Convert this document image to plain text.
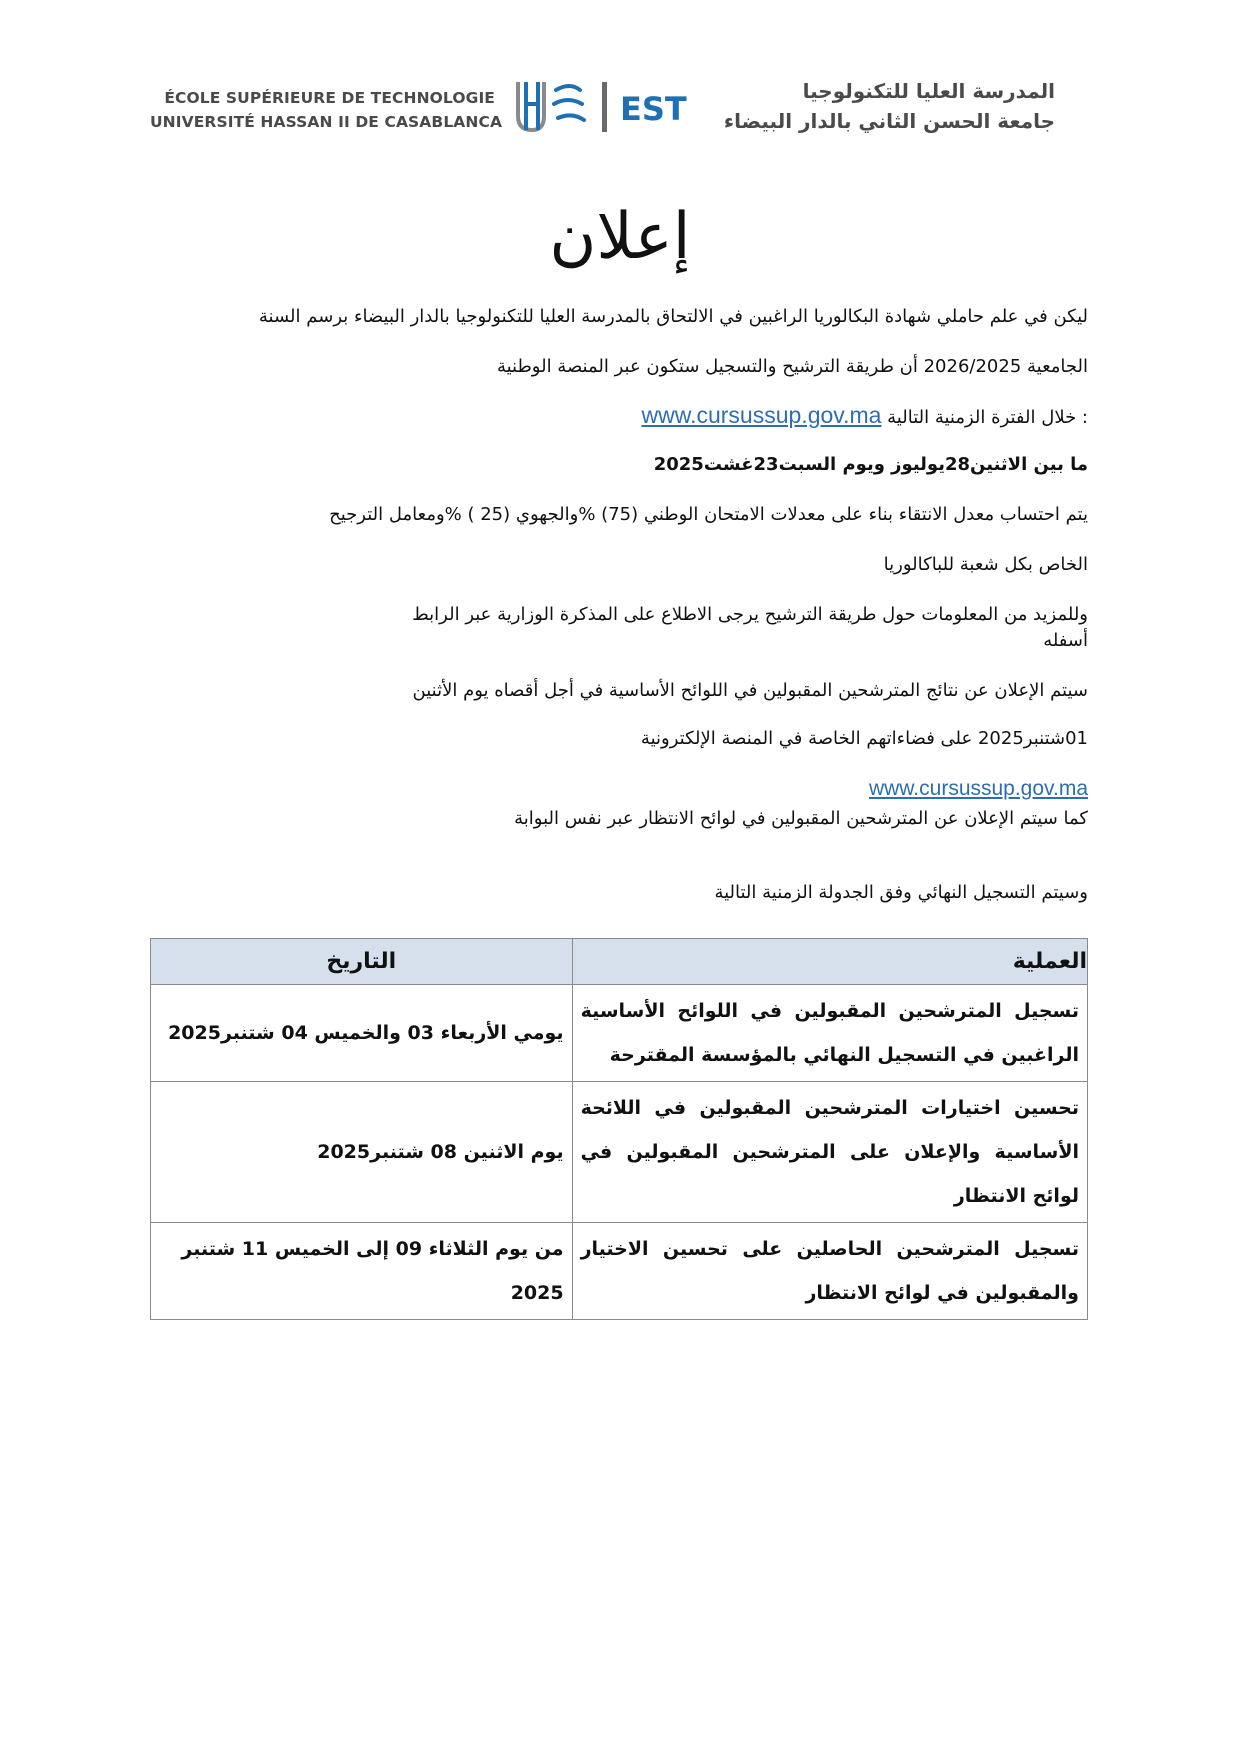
ÉCOLE SUPÉRIEURE DE TECHNOLOGIE
UNIVERSITÉ HASSAN II DE CASABLANCA	EST	المدرسة العليا للتكنولوجيا
جامعة الحسن الثاني بالدار البيضاء
إعلان
ليكن في علم حاملي شهادة البكالوريا الراغبين في الالتحاق بالمدرسة العليا للتكنولوجيا بالدار البيضاء برسم السنة
الجامعية 2026/2025 أن طريقة الترشيح والتسجيل ستكون عبر المنصة الوطنية
www.cursussup.gov.ma خلال الفترة الزمنية التالية :
ما بين الاثنين28يوليوز ويوم السبت23غشت2025
يتم احتساب معدل الانتقاء بناء على معدلات الامتحان الوطني (75) %والجهوي (25 ) %ومعامل الترجيح
الخاص بكل شعبة للباكالوريا
وللمزيد من المعلومات حول طريقة الترشيح يرجى الاطلاع على المذكرة الوزارية عبر الرابط
أسفله
سيتم الإعلان عن نتائج المترشحين المقبولين في اللوائح الأساسية في أجل أقصاه يوم الأثنين
01شتنبر2025 على فضاءاتهم الخاصة في المنصة الإلكترونية
www.cursussup.gov.ma
كما سيتم الإعلان عن المترشحين المقبولين في لوائح الانتظار عبر نفس البوابة
وسيتم التسجيل النهائي وفق الجدولة الزمنية التالية
العملية	التاريخ
تسجيل المترشحين المقبولين في اللوائح الأساسية الراغبين في التسجيل النهائي بالمؤسسة المقترحة	يومي الأربعاء 03 والخميس 04 شتنبر2025
تحسين اختيارات المترشحين المقبولين في اللائحة الأساسية والإعلان على المترشحين المقبولين في لوائح الانتظار	يوم الاثنين 08 شتنبر2025
تسجيل المترشحين الحاصلين على تحسين الاختيار والمقبولين في لوائح الانتظار	من يوم الثلاثاء 09 إلى الخميس 11 شتنبر 2025
